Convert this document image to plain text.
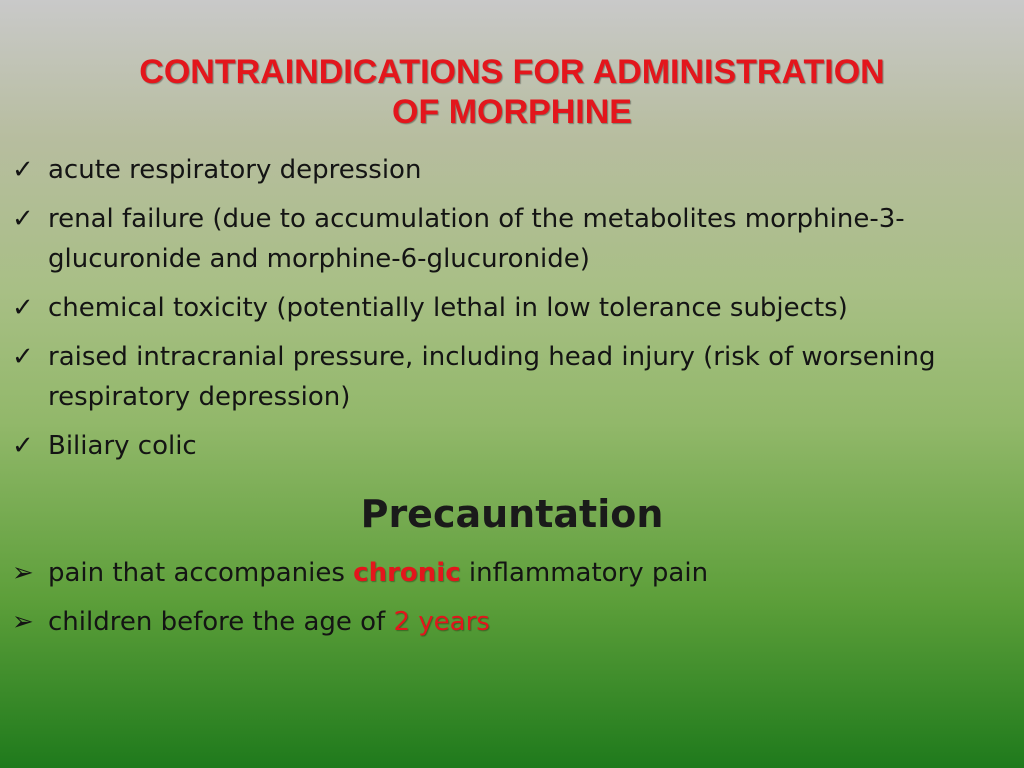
CONTRAINDICATIONS FOR ADMINISTRATION
OF MORPHINE
✓ acute respiratory depression
✓ renal failure (due to accumulation of the metabolites morphine-3-glucuronide and morphine-6-glucuronide)
✓ chemical toxicity (potentially lethal in low tolerance subjects)
✓ raised intracranial pressure, including head injury (risk of worsening respiratory depression)
✓ Biliary colic
Precauntation
➢ pain that accompanies chronic inflammatory pain
➢ children before the age of 2 years
